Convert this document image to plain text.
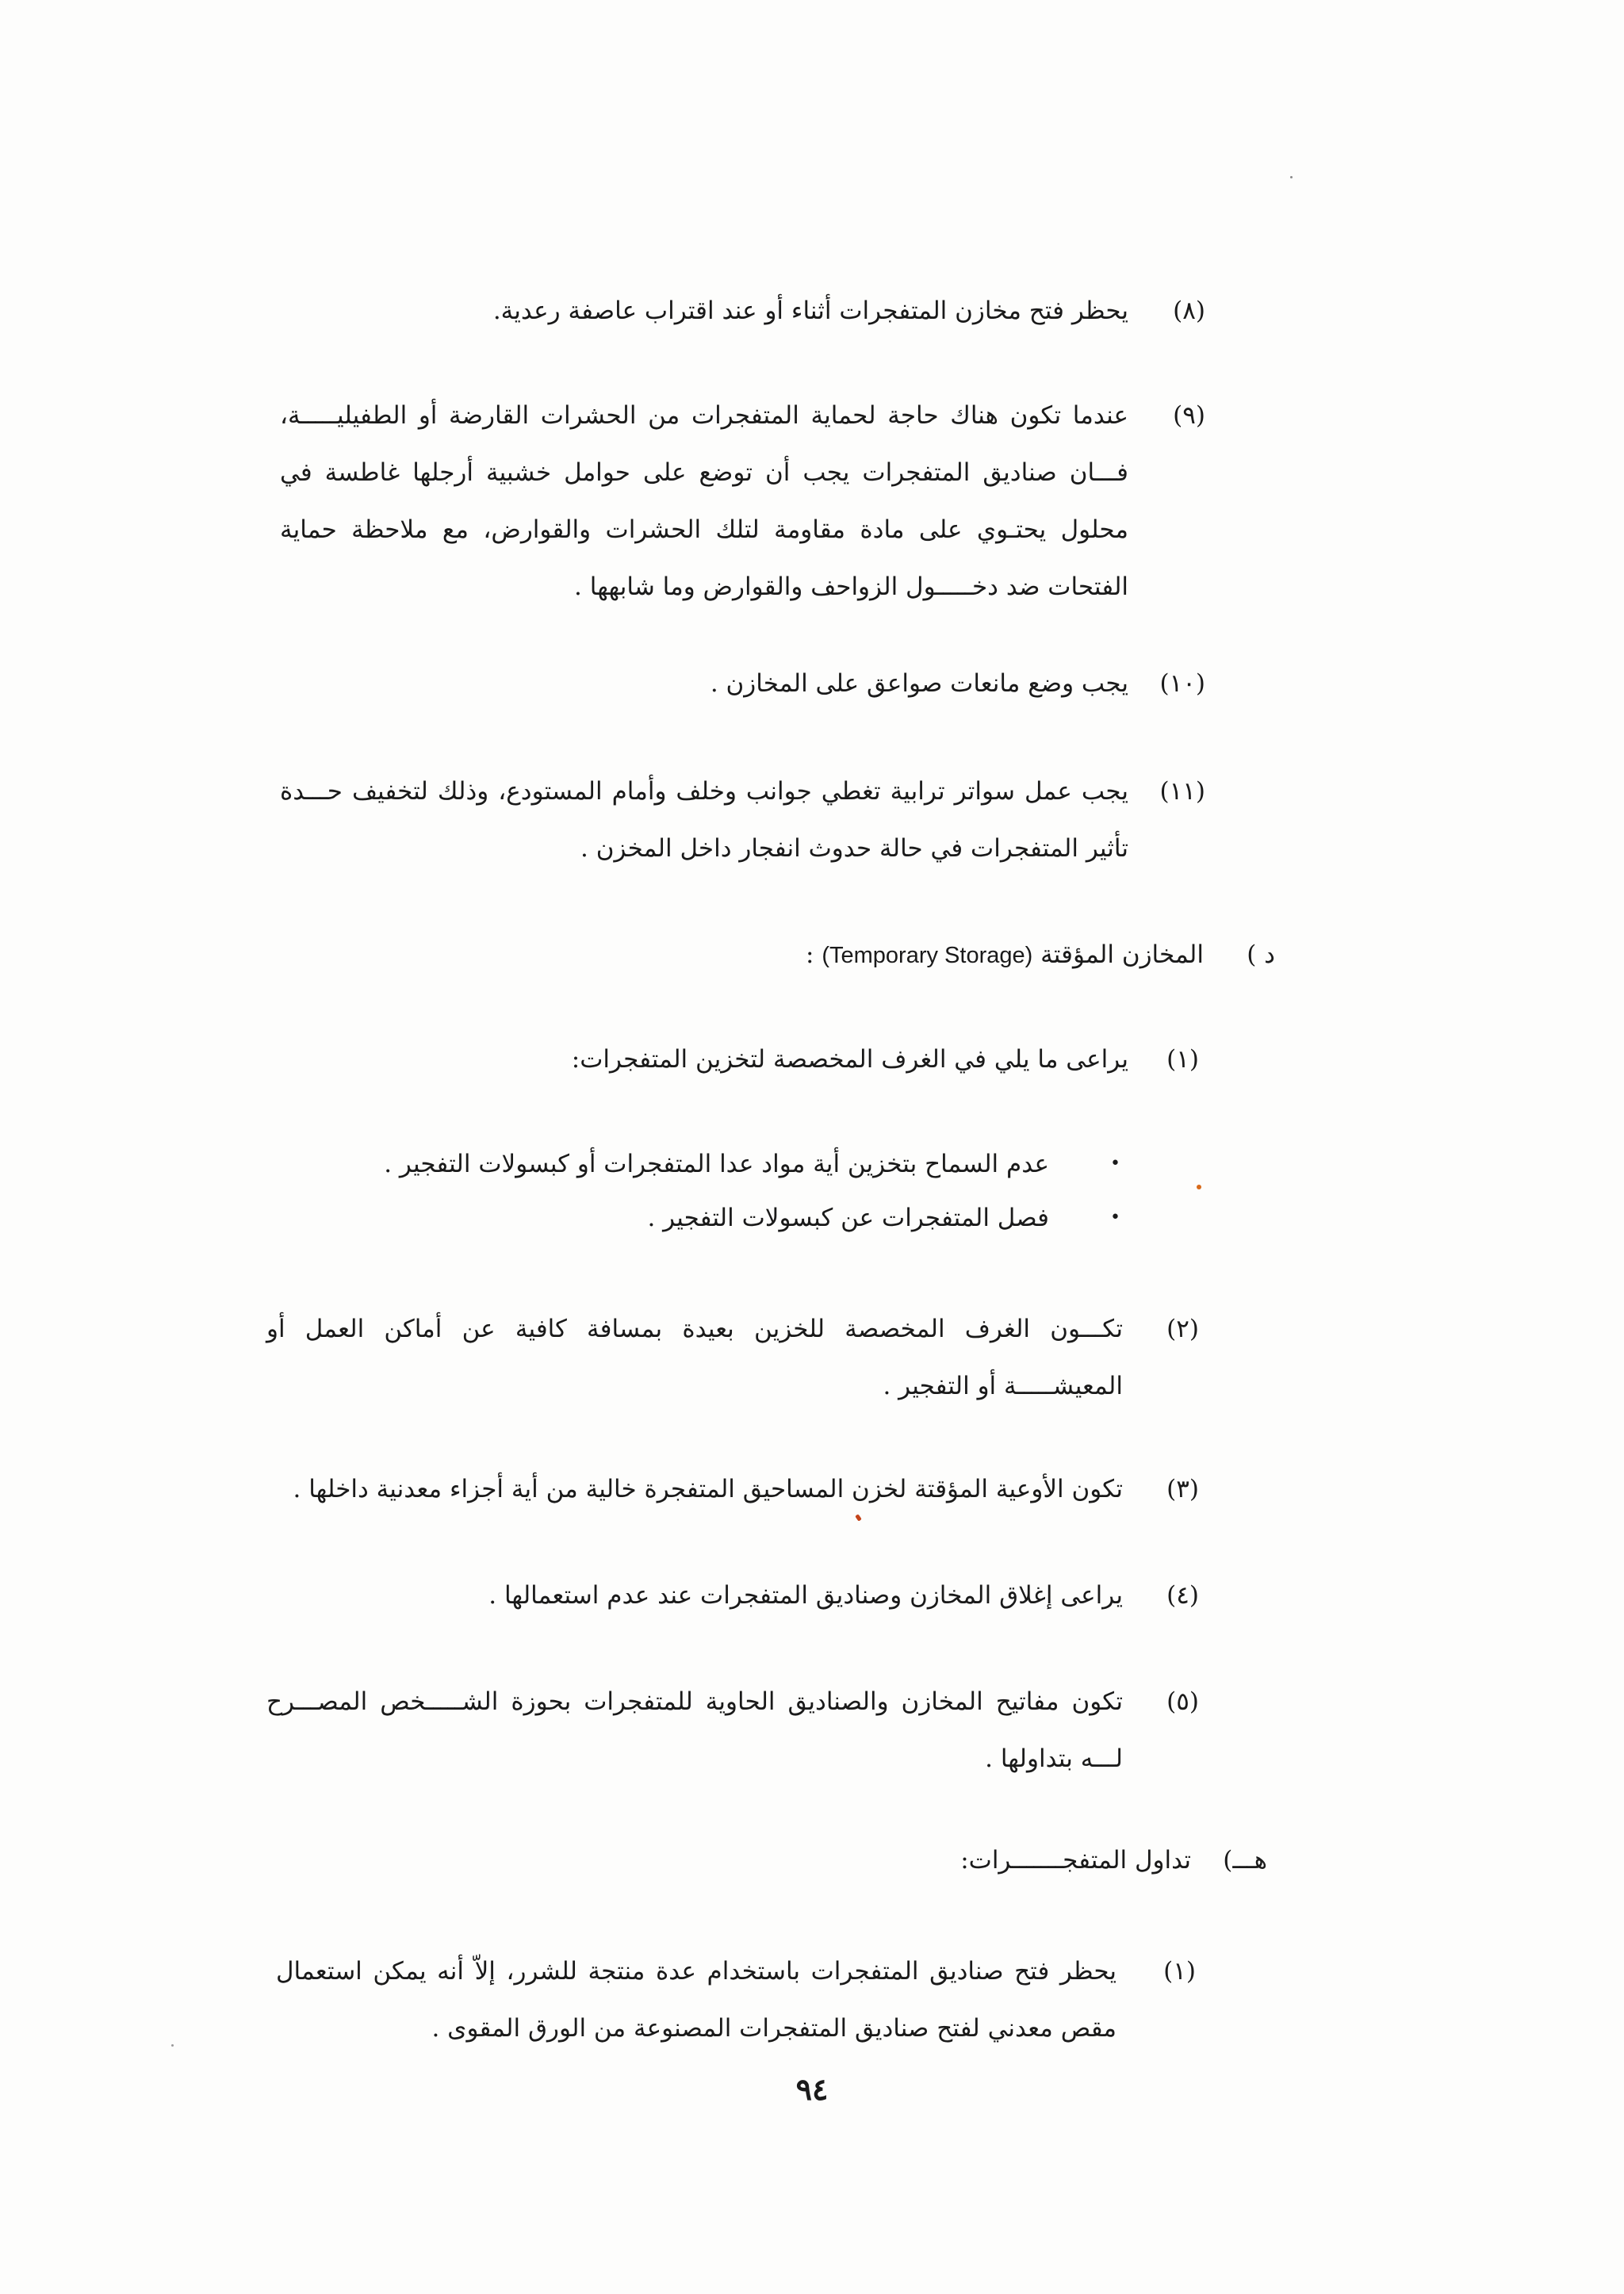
(٨)
يحظر فتح مخازن المتفجرات أثناء أو عند اقتراب عاصفة رعدية.
(٩)
عندما تكون هناك حاجة لحماية المتفجرات من الحشرات القارضة أو الطفيليـــــة، فـــان صناديق المتفجرات يجب أن توضع على حوامل خشبية أرجلها غاطسة في محلول يحتـوي على مادة مقاومة لتلك الحشرات والقوارض، مع ملاحظة حماية الفتحات ضد دخـــــول الزواحف والقوارض وما شابهها .
(١٠)
يجب وضع مانعات صواعق على المخازن .
(١١)
يجب عمل سواتر ترابية تغطي جوانب وخلف وأمام المستودع، وذلك لتخفيف حـــدة تأثير المتفجرات في حالة حدوث انفجار داخل المخزن .
د )
المخازن المؤقتة (Temporary Storage) :
(١)
يراعى ما يلي في الغرف المخصصة لتخزين المتفجرات:
•
عدم السماح بتخزين أية مواد عدا المتفجرات أو كبسولات التفجير .
•
فصل المتفجرات عن كبسولات التفجير .
(٢)
تكـــون الغرف المخصصة للخزين بعيدة بمسافة كافية عن أماكن العمل أو المعيشـــــة أو التفجير .
(٣)
تكون الأوعية المؤقتة لخزن المساحيق المتفجرة خالية من أية أجزاء معدنية داخلها .
(٤)
يراعى إغلاق المخازن وصناديق المتفجرات عند عدم استعمالها .
(٥)
تكون مفاتيح المخازن والصناديق الحاوية للمتفجرات بحوزة الشـــــخص المصـــرح لـــه بتداولها .
هـــ)
تداول المتفجـــــــرات:
(١)
يحظر فتح صناديق المتفجرات باستخدام عدة منتجة للشرر، إلاّ أنه يمكن استعمال مقص معدني لفتح صناديق المتفجرات المصنوعة من الورق المقوى .
٩٤
